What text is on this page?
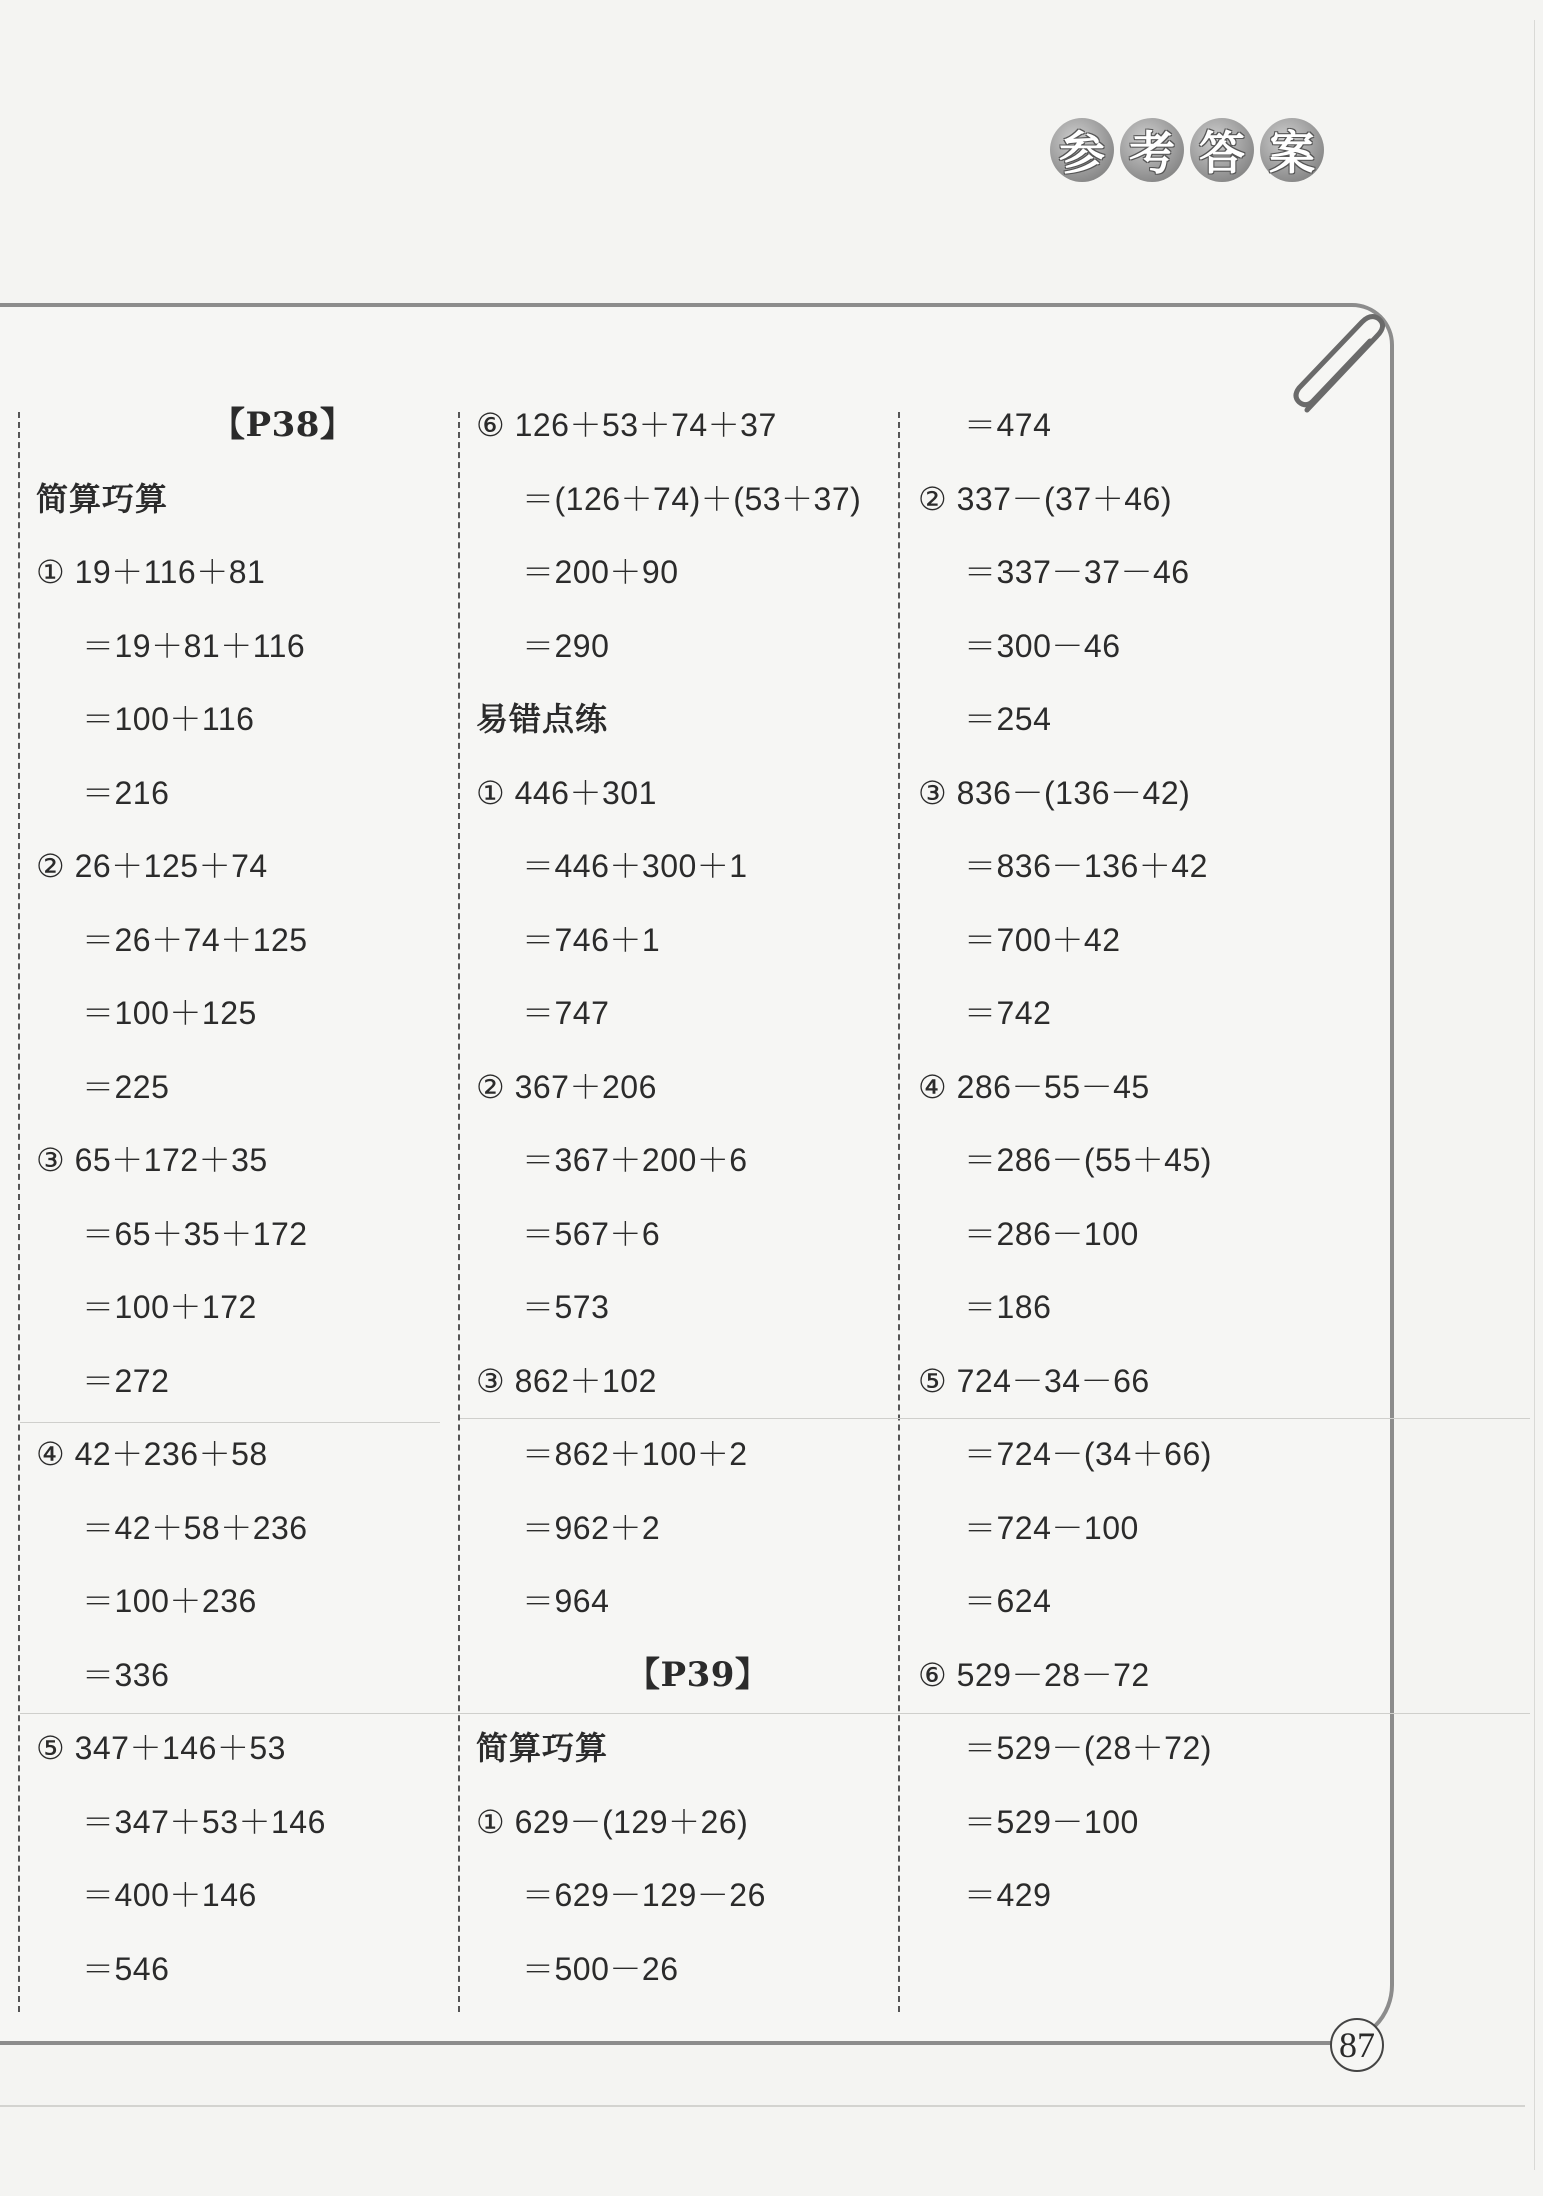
参 考 答 案
【P38】
简算巧算
① 19＋116＋81
＝19＋81＋116
＝100＋116
＝216
② 26＋125＋74
＝26＋74＋125
＝100＋125
＝225
③ 65＋172＋35
＝65＋35＋172
＝100＋172
＝272
④ 42＋236＋58
＝42＋58＋236
＝100＋236
＝336
⑤ 347＋146＋53
＝347＋53＋146
＝400＋146
＝546
⑥ 126＋53＋74＋37
＝(126＋74)＋(53＋37)
＝200＋90
＝290
易错点练
① 446＋301
＝446＋300＋1
＝746＋1
＝747
② 367＋206
＝367＋200＋6
＝567＋6
＝573
③ 862＋102
＝862＋100＋2
＝962＋2
＝964
【P39】
简算巧算
① 629－(129＋26)
＝629－129－26
＝500－26
＝474
② 337－(37＋46)
＝337－37－46
＝300－46
＝254
③ 836－(136－42)
＝836－136＋42
＝700＋42
＝742
④ 286－55－45
＝286－(55＋45)
＝286－100
＝186
⑤ 724－34－66
＝724－(34＋66)
＝724－100
＝624
⑥ 529－28－72
＝529－(28＋72)
＝529－100
＝429
87
